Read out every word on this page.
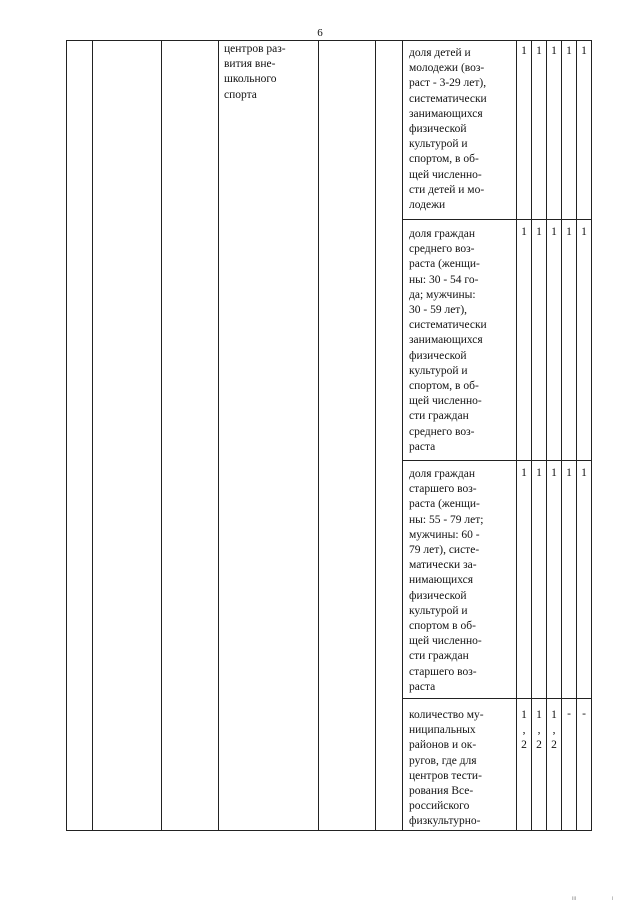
6
центров раз-
вития вне-
школьного
спорта
доля детей и
молодежи (воз-
раст - 3-29 лет),
систематически
занимающихся
физической
культурой и
спортом, в об-
щей численно-
сти детей и мо-
лодежи
доля граждан
среднего воз-
раста (женщи-
ны: 30 - 54 го-
да; мужчины:
30 - 59 лет),
систематически
занимающихся
физической
культурой и
спортом, в об-
щей численно-
сти граждан
среднего воз-
раста
доля граждан
старшего воз-
раста (женщи-
ны: 55 - 79 лет;
мужчины: 60 -
79 лет), систе-
матически за-
нимающихся
физической
культурой и
спортом в об-
щей численно-
сти граждан
старшего воз-
раста
количество му-
ниципальных
районов и ок-
ругов, где для
центров тести-
рования Все-
российского
физкультурно-
1 1 1 1 1
1 1 1 1 1
1 1 1 1 1
1
,
2
1
,
2
1
,
2
- -
ііі	і
